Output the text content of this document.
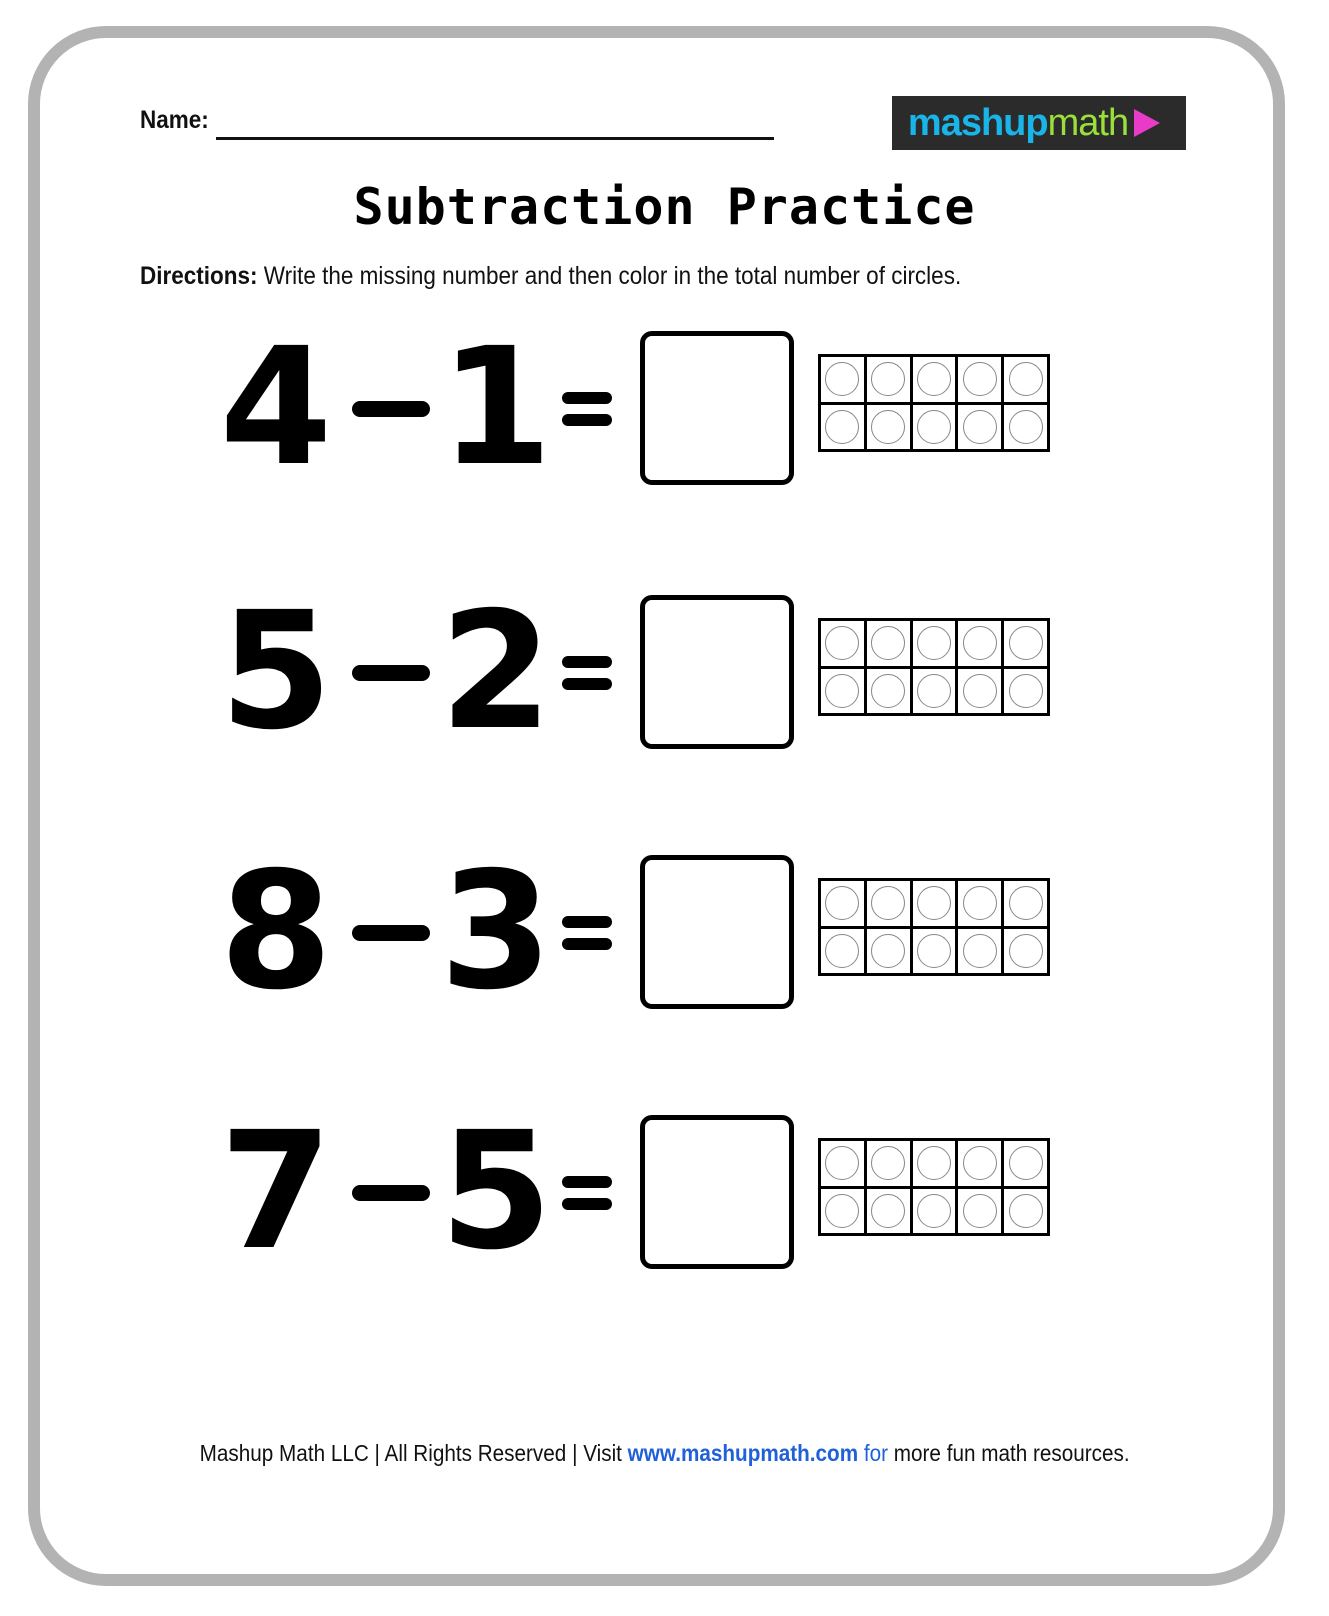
Name:	mashup math
Subtraction Practice
Directions: Write the missing number and then color in the total number of circles.
4 1
5 2
8 3
7 5
Mashup Math LLC | All Rights Reserved | Visit www.mashupmath.com for more fun math resources.
